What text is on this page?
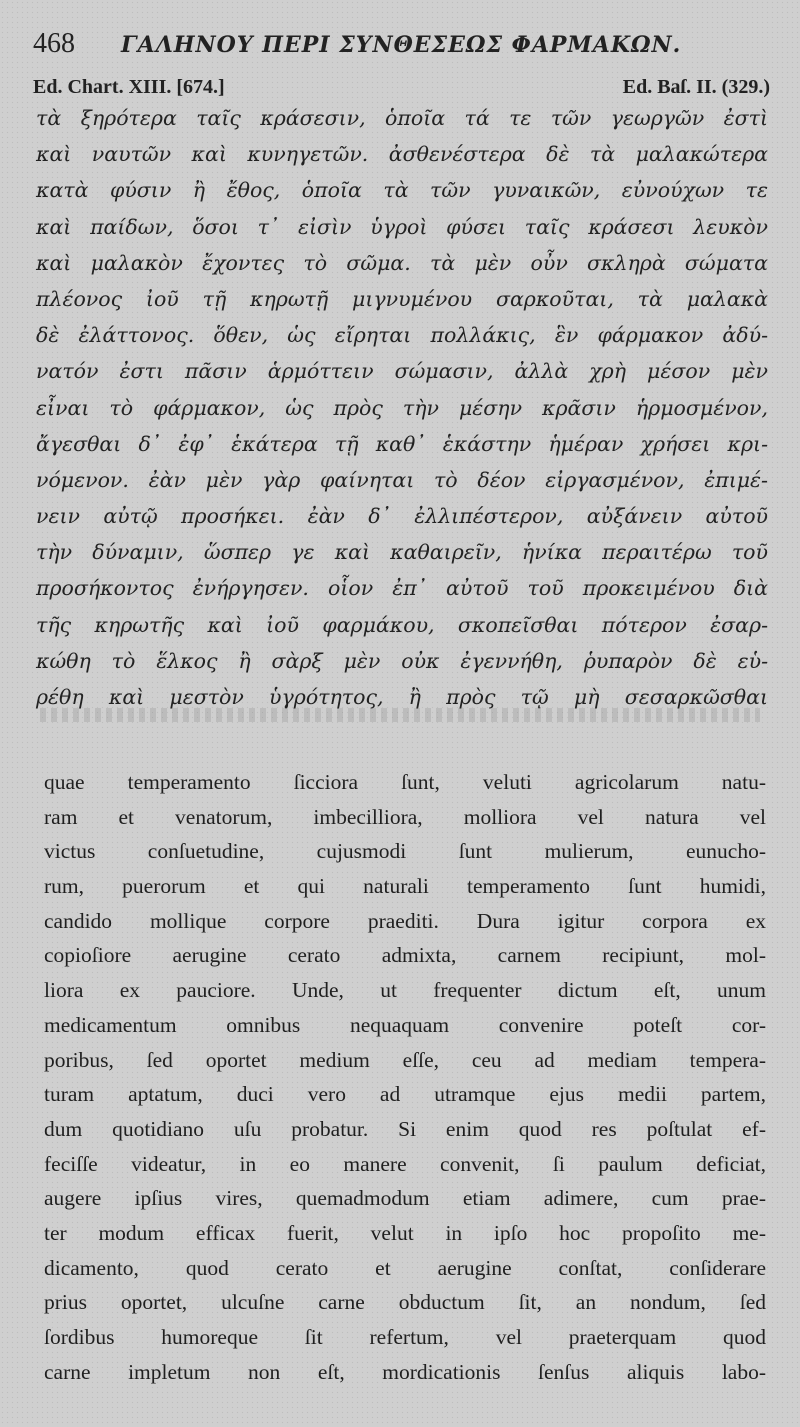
468 ΓΑΛΗΝΟΥ ΠΕΡΙ ΣΥΝΘΕΣΕΩΣ ΦΑΡΜΑΚΩΝ.
Ed. Chart. XIII. [674.]	Ed. Baſ. II. (329.)
τὰ ξηρότερα ταῖς κράσεσιν, ὁποῖα τά τε τῶν γεωργῶν ἐστὶ
καὶ ναυτῶν καὶ κυνηγετῶν. ἀσθενέστερα δὲ τὰ μαλακώτερα
κατὰ φύσιν ἢ ἔθος, ὁποῖα τὰ τῶν γυναικῶν, εὐνούχων τε
καὶ παίδων, ὅσοι τ᾽ εἰσὶν ὑγροὶ φύσει ταῖς κράσεσι λευκὸν
καὶ μαλακὸν ἔχοντες τὸ σῶμα. τὰ μὲν οὖν σκληρὰ σώματα
πλέονος ἰοῦ τῇ κηρωτῇ μιγνυμένου σαρκοῦται, τὰ μαλακὰ
δὲ ἐλάττονος. ὅθεν, ὡς εἴρηται πολλάκις, ἓν φάρμακον ἀδύ-
νατόν ἐστι πᾶσιν ἁρμόττειν σώμασιν, ἀλλὰ χρὴ μέσον μὲν
εἶναι τὸ φάρμακον, ὡς πρὸς τὴν μέσην κρᾶσιν ἡρμοσμένον,
ἄγεσθαι δ᾽ ἐφ᾽ ἑκάτερα τῇ καθ᾽ ἑκάστην ἡμέραν χρήσει κρι-
νόμενον. ἐὰν μὲν γὰρ φαίνηται τὸ δέον εἰργασμένον, ἐπιμέ-
νειν αὐτῷ προσήκει. ἐὰν δ᾽ ἐλλιπέστερον, αὐξάνειν αὐτοῦ
τὴν δύναμιν, ὥσπερ γε καὶ καθαιρεῖν, ἡνίκα περαιτέρω τοῦ
προσήκοντος ἐνήργησεν. οἷον ἐπ᾽ αὐτοῦ τοῦ προκειμένου διὰ
τῆς κηρωτῆς καὶ ἰοῦ φαρμάκου, σκοπεῖσθαι πότερον ἐσαρ-
κώθη τὸ ἕλκος ἢ σὰρξ μὲν οὐκ ἐγεννήθη, ῥυπαρὸν δὲ εὑ-
ρέθη καὶ μεστὸν ὑγρότητος, ἢ πρὸς τῷ μὴ σεσαρκῶσθαι
quae temperamento ſicciora ſunt, veluti agricolarum natu-
ram et venatorum, imbecilliora, molliora vel natura vel
victus conſuetudine, cujusmodi ſunt mulierum, eunucho-
rum, puerorum et qui naturali temperamento ſunt humidi,
candido mollique corpore praediti. Dura igitur corpora ex
copioſiore aerugine cerato admixta, carnem recipiunt, mol-
liora ex pauciore. Unde, ut frequenter dictum eſt, unum
medicamentum omnibus nequaquam convenire poteſt cor-
poribus, ſed oportet medium eſſe, ceu ad mediam tempera-
turam aptatum, duci vero ad utramque ejus medii partem,
dum quotidiano uſu probatur. Si enim quod res poſtulat ef-
feciſſe videatur, in eo manere convenit, ſi paulum deficiat,
augere ipſius vires, quemadmodum etiam adimere, cum prae-
ter modum efficax fuerit, velut in ipſo hoc propoſito me-
dicamento, quod cerato et aerugine conſtat, conſiderare
prius oportet, ulcuſne carne obductum ſit, an nondum, ſed
ſordibus humoreque ſit refertum, vel praeterquam quod
carne impletum non eſt, mordicationis ſenſus aliquis labo-
